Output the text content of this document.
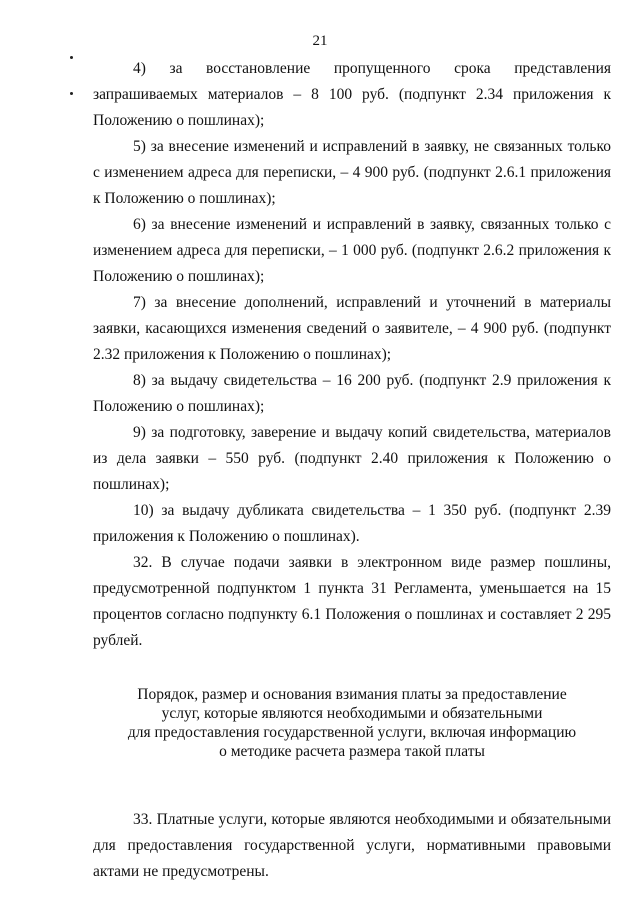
21

4) за восстановление пропущенного срока представления запрашиваемых материалов – 8 100 руб. (подпункт 2.34 приложения к Положению о пошлинах);

5) за внесение изменений и исправлений в заявку, не связанных только с изменением адреса для переписки, – 4 900 руб. (подпункт 2.6.1 приложения к Положению о пошлинах);

6) за внесение изменений и исправлений в заявку, связанных только с изменением адреса для переписки, – 1 000 руб. (подпункт 2.6.2 приложения к Положению о пошлинах);

7) за внесение дополнений, исправлений и уточнений в материалы заявки, касающихся изменения сведений о заявителе, – 4 900 руб. (подпункт 2.32 приложения к Положению о пошлинах);

8) за выдачу свидетельства – 16 200 руб. (подпункт 2.9 приложения к Положению о пошлинах);

9) за подготовку, заверение и выдачу копий свидетельства, материалов из дела заявки – 550 руб. (подпункт 2.40 приложения к Положению о пошлинах);

10) за выдачу дубликата свидетельства – 1 350 руб. (подпункт 2.39 приложения к Положению о пошлинах).

32. В случае подачи заявки в электронном виде размер пошлины, предусмотренной подпунктом 1 пункта 31 Регламента, уменьшается на 15 процентов согласно подпункту 6.1 Положения о пошлинах и составляет 2 295 рублей.

Порядок, размер и основания взимания платы за предоставление
услуг, которые являются необходимыми и обязательными
для предоставления государственной услуги, включая информацию
о методике расчета размера такой платы

33. Платные услуги, которые являются необходимыми и обязательными для предоставления государственной услуги, нормативными правовыми актами не предусмотрены.
